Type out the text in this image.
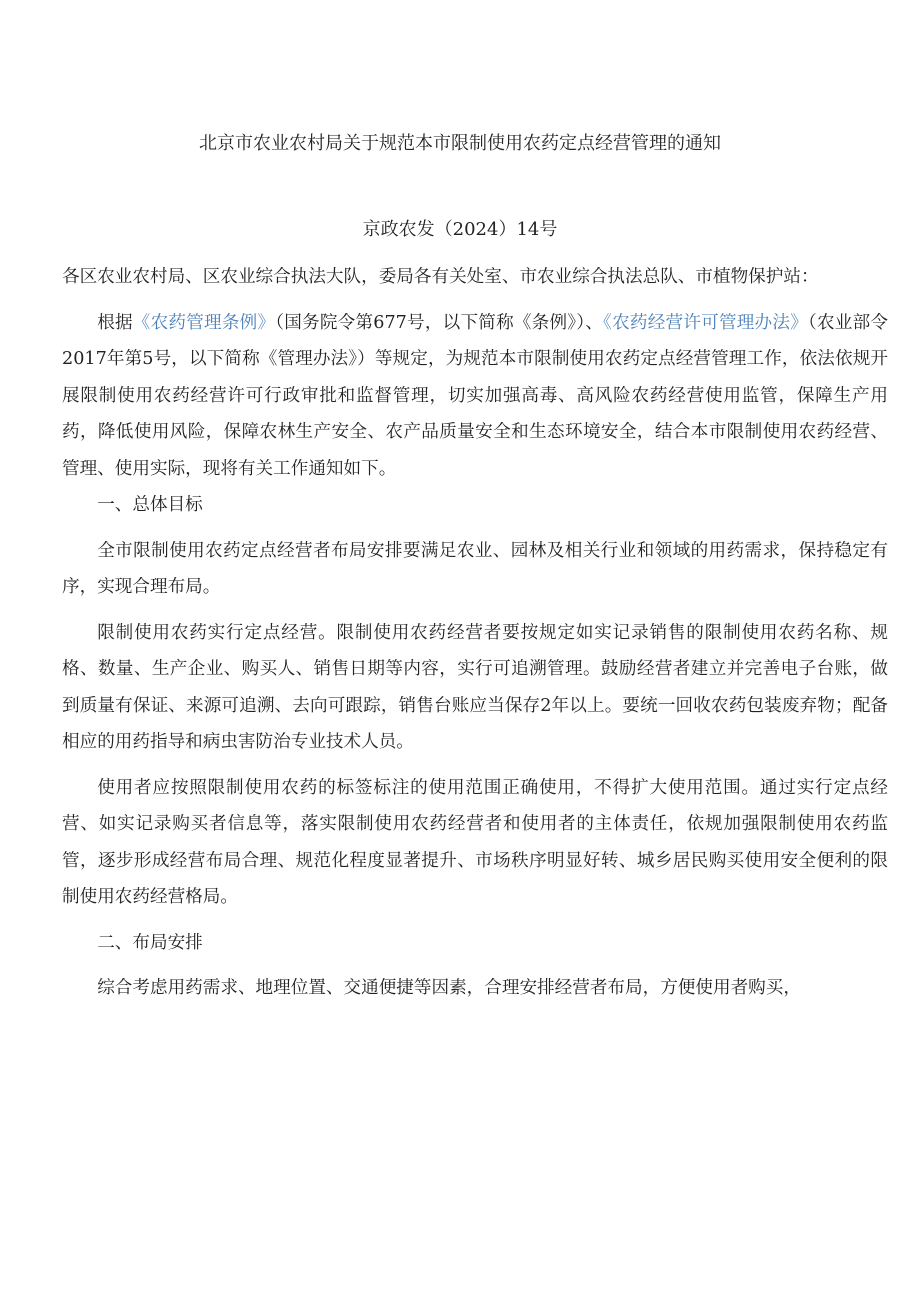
北京市农业农村局关于规范本市限制使用农药定点经营管理的通知
京政农发（2024）14号

各区农业农村局、区农业综合执法大队，委局各有关处室、市农业综合执法总队、市植物保护站：

根据《农药管理条例》（国务院令第677号，以下简称《条例》）、《农药经营许可管理办法》（农业部令2017年第5号，以下简称《管理办法》）等规定，为规范本市限制使用农药定点经营管理工作，依法依规开展限制使用农药经营许可行政审批和监督管理，切实加强高毒、高风险农药经营使用监管，保障生产用药，降低使用风险，保障农林生产安全、农产品质量安全和生态环境安全，结合本市限制使用农药经营、管理、使用实际，现将有关工作通知如下。

一、总体目标

全市限制使用农药定点经营者布局安排要满足农业、园林及相关行业和领域的用药需求，保持稳定有序，实现合理布局。

限制使用农药实行定点经营。限制使用农药经营者要按规定如实记录销售的限制使用农药名称、规格、数量、生产企业、购买人、销售日期等内容，实行可追溯管理。鼓励经营者建立并完善电子台账，做到质量有保证、来源可追溯、去向可跟踪，销售台账应当保存2年以上。要统一回收农药包装废弃物；配备相应的用药指导和病虫害防治专业技术人员。

使用者应按照限制使用农药的标签标注的使用范围正确使用，不得扩大使用范围。通过实行定点经营、如实记录购买者信息等，落实限制使用农药经营者和使用者的主体责任，依规加强限制使用农药监管，逐步形成经营布局合理、规范化程度显著提升、市场秩序明显好转、城乡居民购买使用安全便利的限制使用农药经营格局。

二、布局安排

综合考虑用药需求、地理位置、交通便捷等因素，合理安排经营者布局，方便使用者购买，
